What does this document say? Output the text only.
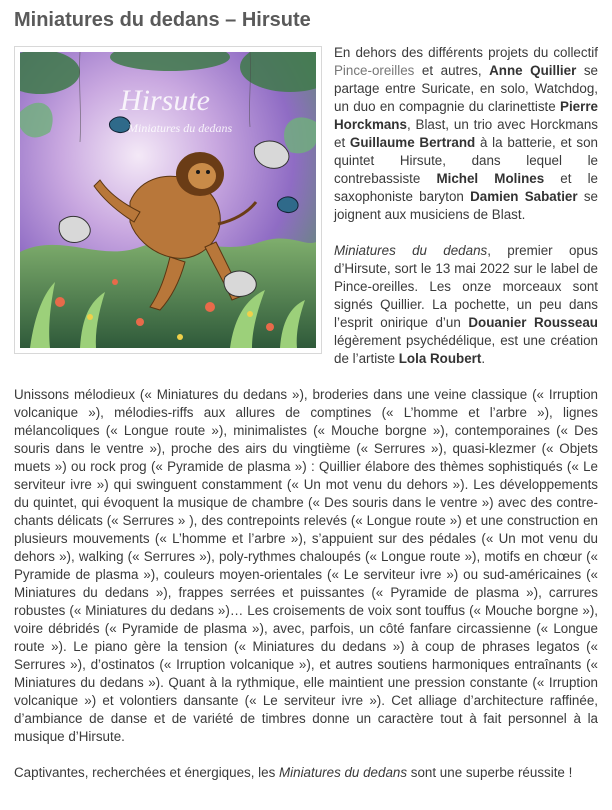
Miniatures du dedans – Hirsute
Hirsute
Miniatures du dedans

En dehors des différents projets du collectif Pince-oreilles et autres, Anne Quillier se partage entre Suricate, en solo, Watchdog, un duo en compagnie du clarinettiste Pierre Horckmans, Blast, un trio avec Horckmans et Guillaume Bertrand à la batterie, et son quintet Hirsute, dans lequel le contrebassiste Michel Molines et le saxophoniste baryton Damien Sabatier se joignent aux musiciens de Blast.

Miniatures du dedans, premier opus d’Hirsute, sort le 13 mai 2022 sur le label de Pince-oreilles. Les onze morceaux sont signés Quillier. La pochette, un peu dans l’esprit onirique d’un Douanier Rousseau légèrement psychédélique, est une création de l’artiste Lola Roubert.

Unissons mélodieux (« Miniatures du dedans »), broderies dans une veine classique (« Irruption volcanique »), mélodies-riffs aux allures de comptines (« L’homme et l’arbre »), lignes mélancoliques (« Longue route »), minimalistes (« Mouche borgne »), contemporaines (« Des souris dans le ventre »), proche des airs du vingtième (« Serrures »), quasi-klezmer (« Objets muets ») ou rock prog (« Pyramide de plasma ») : Quillier élabore des thèmes sophistiqués (« Le serviteur ivre ») qui swinguent constamment (« Un mot venu du dehors »). Les développements du quintet, qui évoquent la musique de chambre (« Des souris dans le ventre ») avec des contre-chants délicats (« Serrures » ), des contrepoints relevés (« Longue route ») et une construction en plusieurs mouvements (« L’homme et l’arbre »), s’appuient sur des pédales (« Un mot venu du dehors »), walking (« Serrures »), poly-rythmes chaloupés (« Longue route »), motifs en chœur (« Pyramide de plasma »), couleurs moyen-orientales (« Le serviteur ivre ») ou sud-américaines (« Miniatures du dedans »), frappes serrées et puissantes (« Pyramide de plasma »), carrures robustes (« Miniatures du dedans »)… Les croisements de voix sont touffus (« Mouche borgne »), voire débridés (« Pyramide de plasma »), avec, parfois, un côté fanfare circassienne (« Longue route »). Le piano gère la tension (« Miniatures du dedans ») à coup de phrases legatos (« Serrures »), d’ostinatos (« Irruption volcanique »), et autres soutiens harmoniques entraînants (« Miniatures du dedans »). Quant à la rythmique, elle maintient une pression constante (« Irruption volcanique ») et volontiers dansante (« Le serviteur ivre »). Cet alliage d’architecture raffinée, d’ambiance de danse et de variété de timbres donne un caractère tout à fait personnel à la musique d’Hirsute.

Captivantes, recherchées et énergiques, les Miniatures du dedans sont une superbe réussite !
